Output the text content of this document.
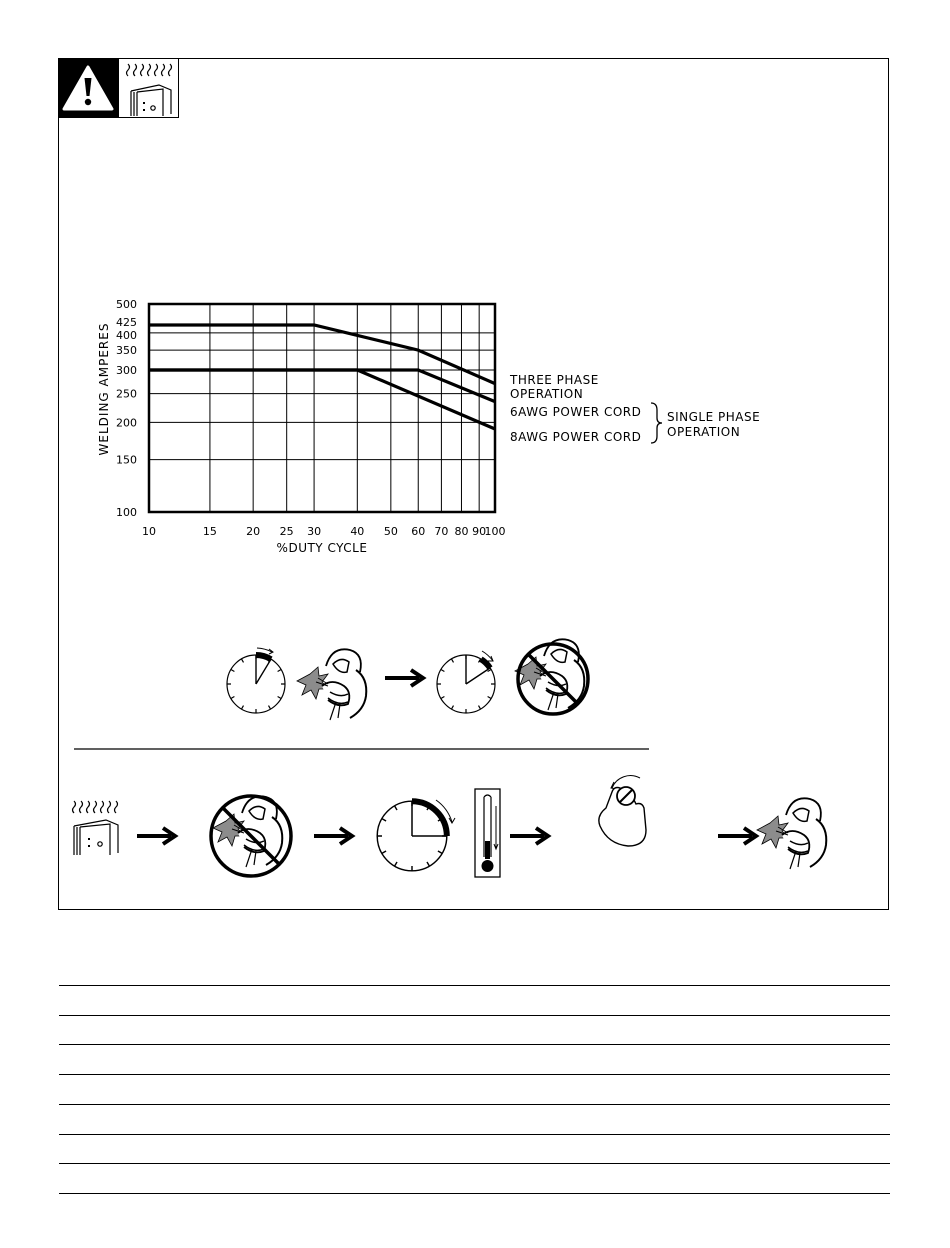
10	15	20 25 30	40 50 60 70 80 90
100
100
150
200
250
300
350
400
425
500
WELDING AMPERES
%DUTY CYCLE
THREE PHASE
OPERATION
6AWG POWER CORD
8AWG POWER CORD
SINGLE PHASE
OPERATION
